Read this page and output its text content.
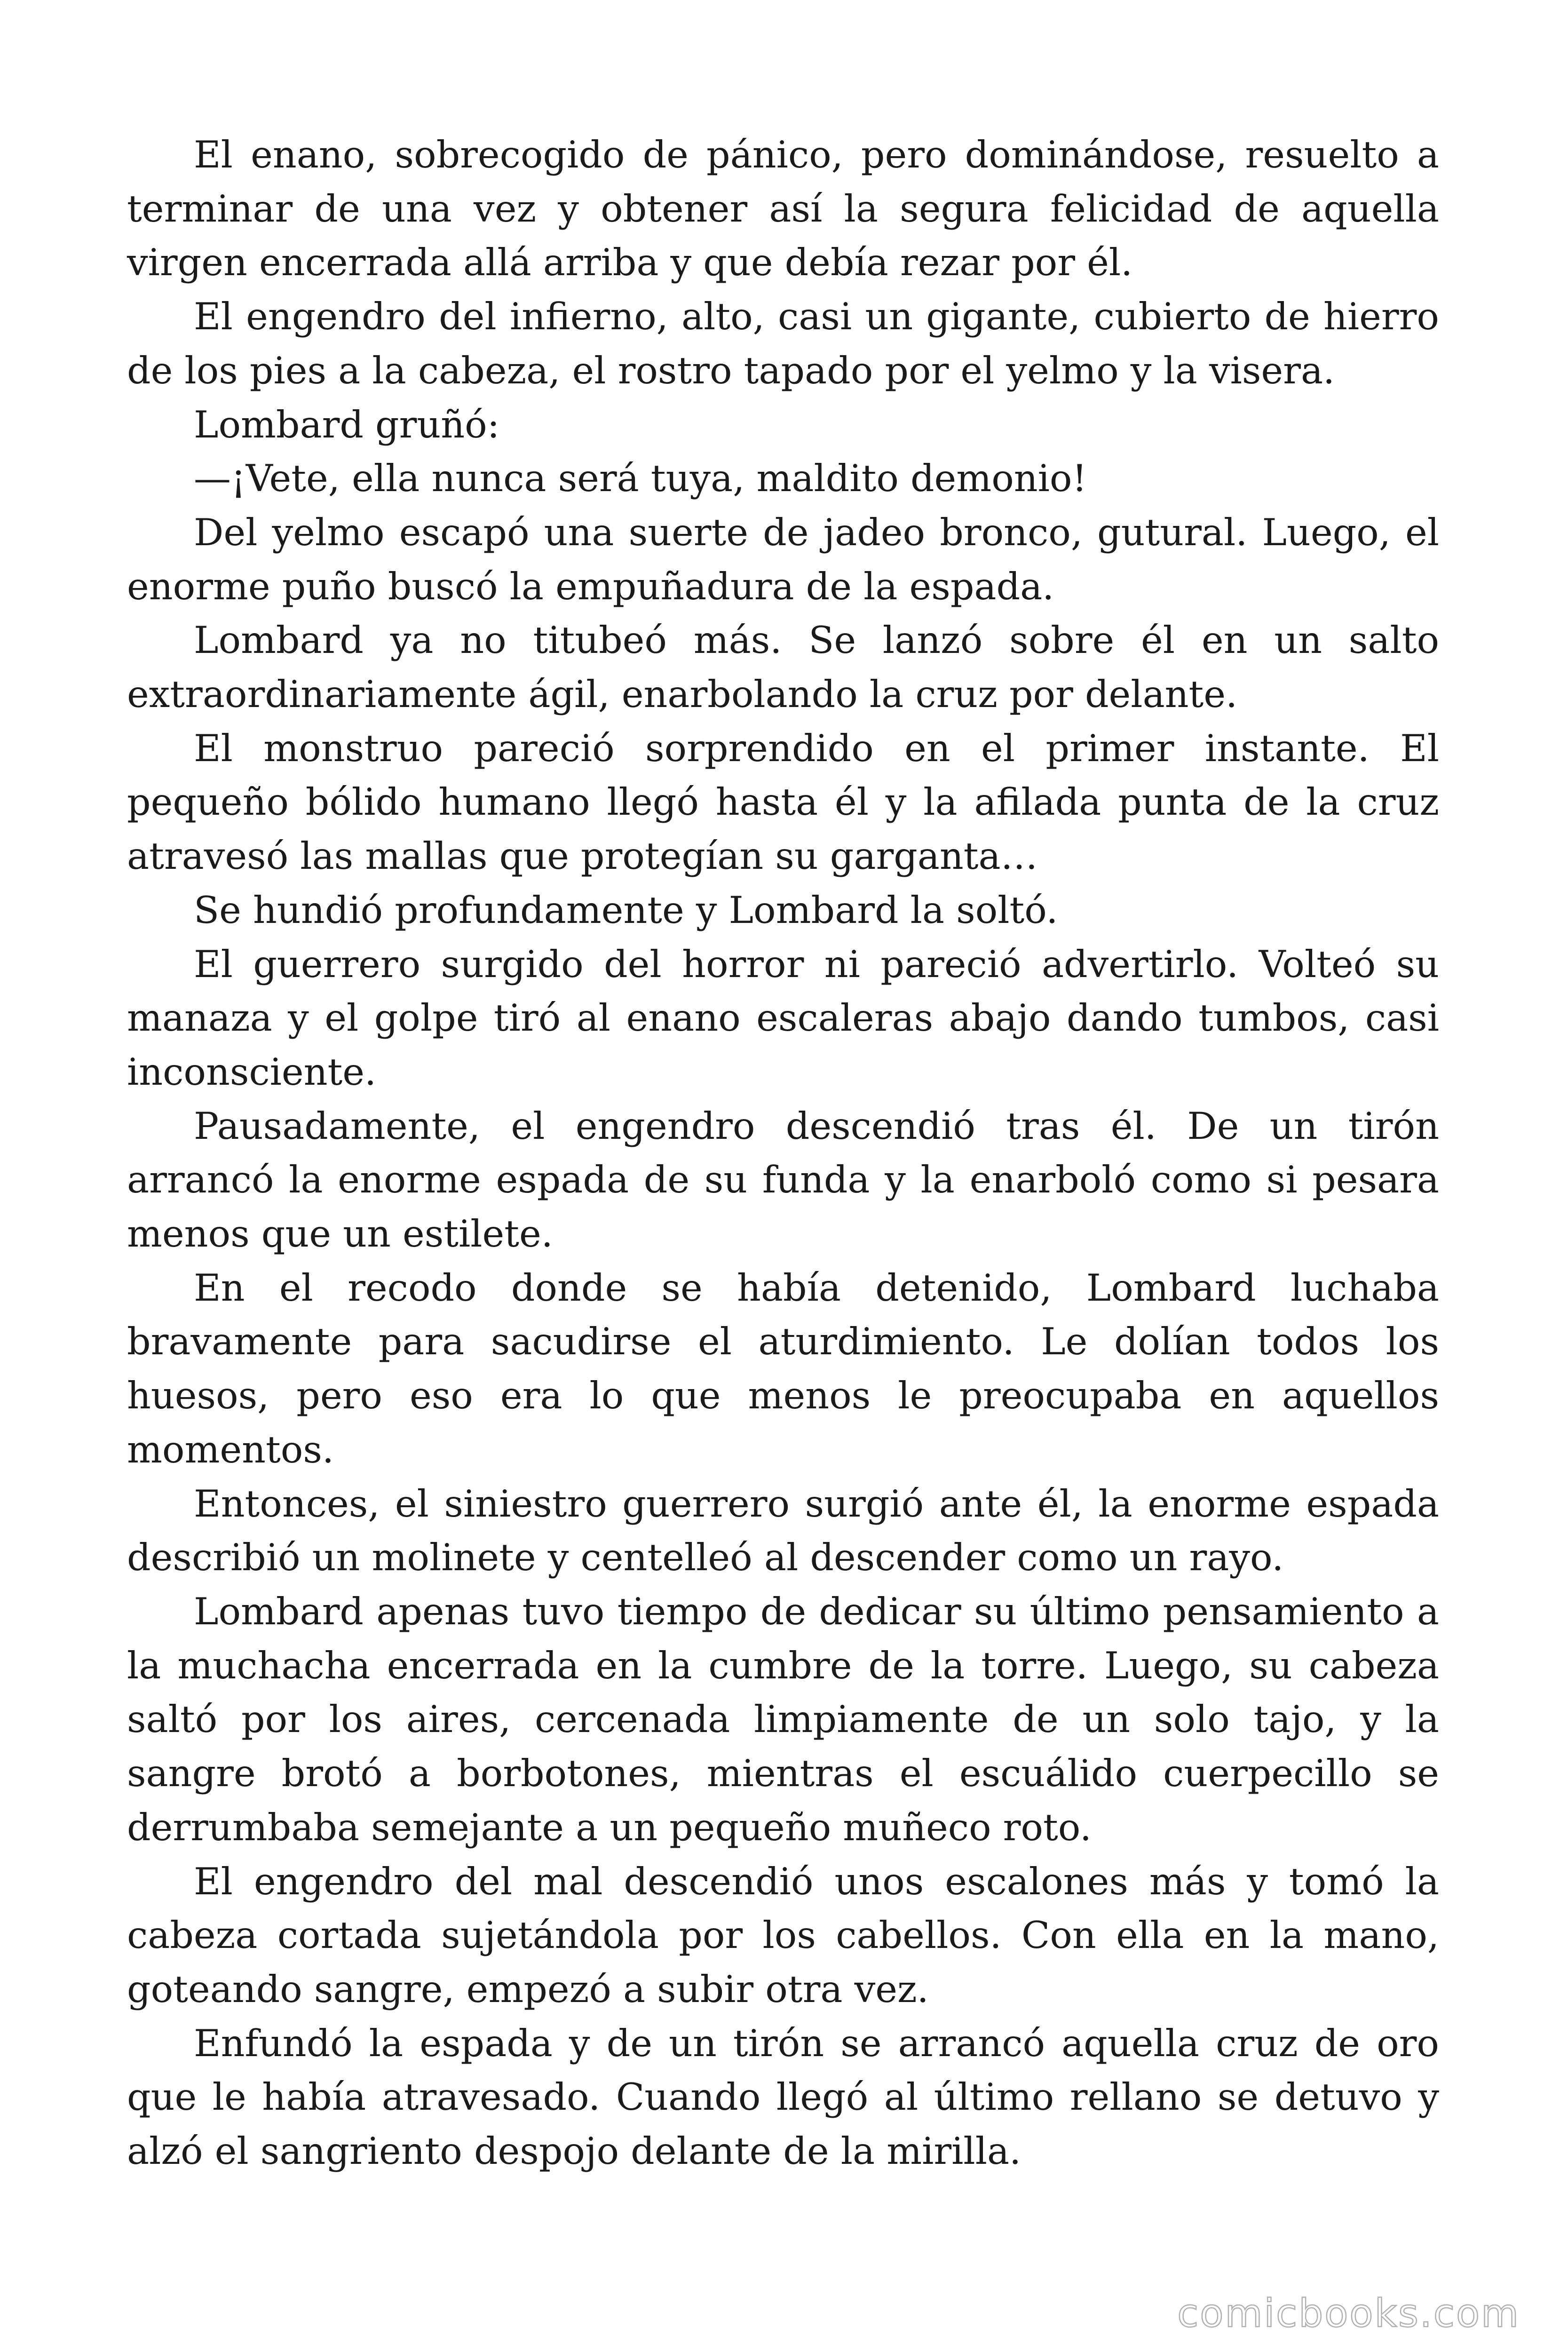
El enano, sobrecogido de pánico, pero dominándose, resuelto a terminar de una vez y obtener así la segura felicidad de aquella virgen encerrada allá arriba y que debía rezar por él.

El engendro del infierno, alto, casi un gigante, cubierto de hierro de los pies a la cabeza, el rostro tapado por el yelmo y la visera.

Lombard gruñó:

—¡Vete, ella nunca será tuya, maldito demonio!

Del yelmo escapó una suerte de jadeo bronco, gutural. Luego, el enorme puño buscó la empuñadura de la espada.

Lombard ya no titubeó más. Se lanzó sobre él en un salto extraordinariamente ágil, enarbolando la cruz por delante.

El monstruo pareció sorprendido en el primer instante. El pequeño bólido humano llegó hasta él y la afilada punta de la cruz atravesó las mallas que protegían su garganta…

Se hundió profundamente y Lombard la soltó.

El guerrero surgido del horror ni pareció advertirlo. Volteó su manaza y el golpe tiró al enano escaleras abajo dando tumbos, casi inconsciente.

Pausadamente, el engendro descendió tras él. De un tirón arrancó la enorme espada de su funda y la enarboló como si pesara menos que un estilete.

En el recodo donde se había detenido, Lombard luchaba bravamente para sacudirse el aturdimiento. Le dolían todos los huesos, pero eso era lo que menos le preocupaba en aquellos momentos.

Entonces, el siniestro guerrero surgió ante él, la enorme espada describió un molinete y centelleó al descender como un rayo.

Lombard apenas tuvo tiempo de dedicar su último pensamiento a la muchacha encerrada en la cumbre de la torre. Luego, su cabeza saltó por los aires, cercenada limpiamente de un solo tajo, y la sangre brotó a borbotones, mientras el escuálido cuerpecillo se derrumbaba semejante a un pequeño muñeco roto.

El engendro del mal descendió unos escalones más y tomó la cabeza cortada sujetándola por los cabellos. Con ella en la mano, goteando sangre, empezó a subir otra vez.

Enfundó la espada y de un tirón se arrancó aquella cruz de oro que le había atravesado. Cuando llegó al último rellano se detuvo y alzó el sangriento despojo delante de la mirilla.

comicbooks.com
